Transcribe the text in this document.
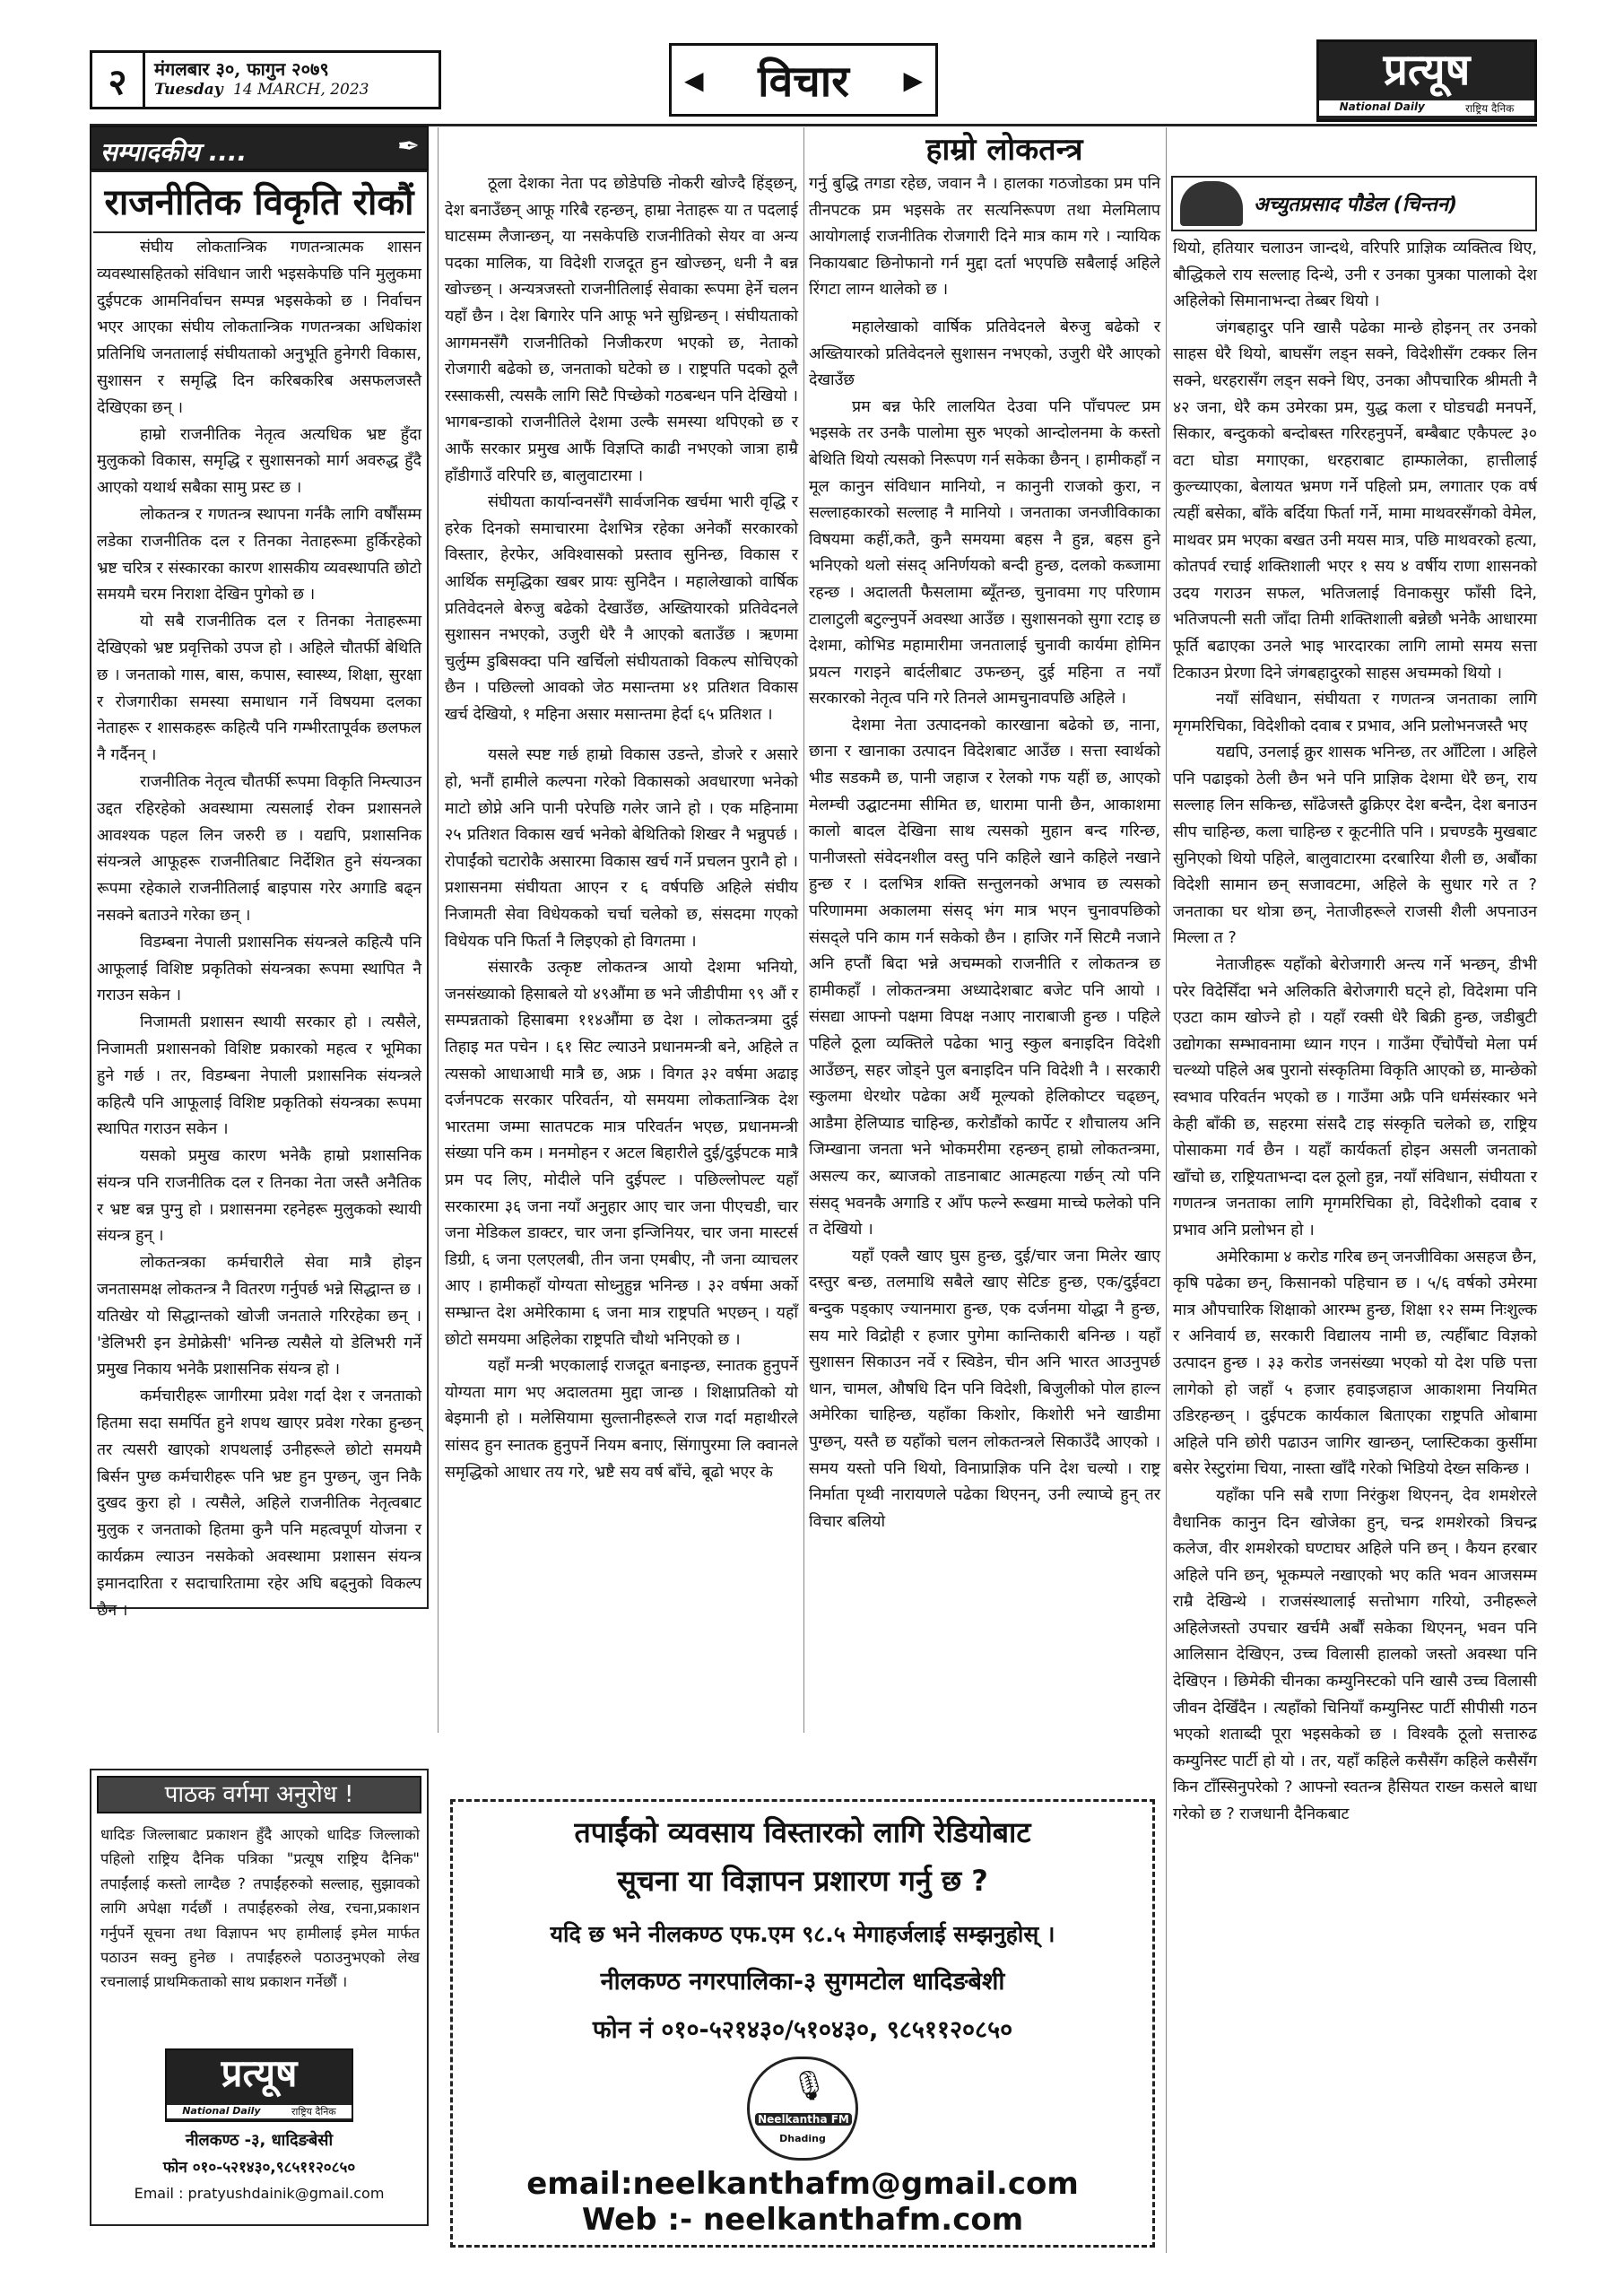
२	मंगलबार ३०, फागुन २०७९
Tuesday 14 MARCH, 2023	◀ विचार ▶	प्रत्यूष
National Daily	राष्ट्रिय दैनिक
सम्पादकीय ....	✒
राजनीतिक विकृति रोकौं

संघीय लोकतान्त्रिक गणतन्त्रात्मक शासन व्यवस्थासहितको संविधान जारी भइसकेपछि पनि मुलुकमा दुईपटक आमनिर्वाचन सम्पन्न भइसकेको छ । निर्वाचन भएर आएका संघीय लोकतान्त्रिक गणतन्त्रका अधिकांश प्रतिनिधि जनतालाई संघीयताको अनुभूति हुनेगरी विकास, सुशासन र समृद्धि दिन करिबकरिब असफलजस्तै देखिएका छन् ।

हाम्रो राजनीतिक नेतृत्व अत्यधिक भ्रष्ट हुँदा मुलुकको विकास, समृद्धि र सुशासनको मार्ग अवरुद्ध हुँदै आएको यथार्थ सबैका सामु प्रस्ट छ ।

लोकतन्त्र र गणतन्त्र स्थापना गर्नकै लागि वर्षौंसम्म लडेका राजनीतिक दल र तिनका नेताहरूमा हुर्किरहेको भ्रष्ट चरित्र र संस्कारका कारण शासकीय व्यवस्थापति छोटो समयमै चरम निराशा देखिन पुगेको छ ।

यो सबै राजनीतिक दल र तिनका नेताहरूमा देखिएको भ्रष्ट प्रवृत्तिको उपज हो । अहिले चौतर्फी बेथिति छ । जनताको गास, बास, कपास, स्वास्थ्य, शिक्षा, सुरक्षा र रोजगारीका समस्या समाधान गर्ने विषयमा दलका नेताहरू र शासकहरू कहित्यै पनि गम्भीरतापूर्वक छलफल नै गर्दैनन् ।

राजनीतिक नेतृत्व चौतर्फी रूपमा विकृति निम्त्याउन उद्दत रहिरहेको अवस्थामा त्यसलाई रोक्न प्रशासनले आवश्यक पहल लिन जरुरी छ । यद्यपि, प्रशासनिक संयन्त्रले आफूहरू राजनीतिबाट निर्देशित हुने संयन्त्रका रूपमा रहेकाले राजनीतिलाई बाइपास गरेर अगाडि बढ्न नसक्ने बताउने गरेका छन् ।

विडम्बना नेपाली प्रशासनिक संयन्त्रले कहित्यै पनि आफूलाई विशिष्ट प्रकृतिको संयन्त्रका रूपमा स्थापित नै गराउन सकेन ।

निजामती प्रशासन स्थायी सरकार हो । त्यसैले, निजामती प्रशासनको विशिष्ट प्रकारको महत्व र भूमिका हुने गर्छ । तर, विडम्बना नेपाली प्रशासनिक संयन्त्रले कहित्यै पनि आफूलाई विशिष्ट प्रकृतिको संयन्त्रका रूपमा स्थापित गराउन सकेन ।

यसको प्रमुख कारण भनेकै हाम्रो प्रशासनिक संयन्त्र पनि राजनीतिक दल र तिनका नेता जस्तै अनैतिक र भ्रष्ट बन्न पुग्नु हो । प्रशासनमा रहनेहरू मुलुकको स्थायी संयन्त्र हुन् ।

लोकतन्त्रका कर्मचारीले सेवा मात्रै होइन जनतासमक्ष लोकतन्त्र नै वितरण गर्नुपर्छ भन्ने सिद्धान्त छ । यतिखेर यो सिद्धान्तको खोजी जनताले गरिरहेका छन् । 'डेलिभरी इन डेमोक्रेसी' भनिन्छ त्यसैले यो डेलिभरी गर्ने प्रमुख निकाय भनेकै प्रशासनिक संयन्त्र हो ।

कर्मचारीहरू जागीरमा प्रवेश गर्दा देश र जनताको हितमा सदा समर्पित हुने शपथ खाएर प्रवेश गरेका हुन्छन् तर त्यसरी खाएको शपथलाई उनीहरूले छोटो समयमै बिर्सन पुग्छ कर्मचारीहरू पनि भ्रष्ट हुन पुग्छन्, जुन निकै दुखद कुरा हो । त्यसैले, अहिले राजनीतिक नेतृत्वबाट मुलुक र जनताको हितमा कुनै पनि महत्वपूर्ण योजना र कार्यक्रम ल्याउन नसकेको अवस्थामा प्रशासन संयन्त्र इमानदारिता र सदाचारितामा रहेर अघि बढ्नुको विकल्प छैन ।

पाठक वर्गमा अनुरोध !
धादिङ जिल्लाबाट प्रकाशन हुँदै आएको धादिङ जिल्लाको पहिलो राष्ट्रिय दैनिक पत्रिका "प्रत्यूष राष्ट्रिय दैनिक" तपाईंलाई कस्तो लाग्दैछ ? तपाईंहरुको सल्लाह, सुझावको लागि अपेक्षा गर्दछौं । तपाईंहरुको लेख, रचना,प्रकाशन गर्नुपर्ने सूचना तथा विज्ञापन भए हामीलाई इमेल मार्फत पठाउन सक्नु हुनेछ । तपाईंहरुले पठाउनुभएको लेख रचनालाई प्राथमिकताको साथ प्रकाशन गर्नेछौं ।
प्रत्यूष
National Daily	राष्ट्रिय दैनिक
नीलकण्ठ -३, धादिङबेसी
फोन ०१०-५२१४३०,९८५११२०८५०
Email : pratyushdainik@gmail.com
हाम्रो लोकतन्त्र

ठूला देशका नेता पद छोडेपछि नोकरी खोज्दै हिंड्छन्, देश बनाउँछन् आफू गरिबै रहन्छन्, हाम्रा नेताहरू या त पदलाई घाटसम्म लैजान्छन्, या नसकेपछि राजनीतिको सेयर वा अन्य पदका मालिक, या विदेशी राजदूत हुन खोज्छन्, धनी नै बन्न खोज्छन् । अन्यत्रजस्तो राजनीतिलाई सेवाका रूपमा हेर्ने चलन यहाँ छैन । देश बिगारेर पनि आफू भने सुध्रिन्छन् । संघीयताको आगमनसँगै राजनीतिको निजीकरण भएको छ, नेताको रोजगारी बढेको छ, जनताको घटेको छ । राष्ट्रपति पदको ठूलै रस्साकसी, त्यसकै लागि सिटै पिच्छेको गठबन्धन पनि देखियो । भागबन्डाको राजनीतिले देशमा उल्कै समस्या थपिएको छ र आफैं सरकार प्रमुख आफैं विज्ञप्ति काढी नभएको जात्रा हाम्रै हाँडीगाउँ वरिपरि छ, बालुवाटारमा ।

संघीयता कार्यान्वनसँगै सार्वजनिक खर्चमा भारी वृद्धि र हरेक दिनको समाचारमा देशभित्र रहेका अनेकौं सरकारको विस्तार, हेरफेर, अविश्वासको प्रस्ताव सुनिन्छ, विकास र आर्थिक समृद्धिका खबर प्रायः सुनिदैन । महालेखाको वार्षिक प्रतिवेदनले बेरुजु बढेको देखाउँछ, अख्तियारको प्रतिवेदनले सुशासन नभएको, उजुरी धेरै नै आएको बताउँछ । ऋणमा चुर्लुम्म डुबिसक्दा पनि खर्चिलो संघीयताको विकल्प सोचिएको छैन । पछिल्लो आवको जेठ मसान्तमा ४१ प्रतिशत विकास खर्च देखियो, १ महिना असार मसान्तमा हेर्दा ६५ प्रतिशत ।

यसले स्पष्ट गर्छ हाम्रो विकास उडन्ते, डोजरे र असारे हो, भनौं हामीले कल्पना गरेको विकासको अवधारणा भनेको माटो छोप्ने अनि पानी परेपछि गलेर जाने हो । एक महिनामा २५ प्रतिशत विकास खर्च भनेको बेथितिको शिखर नै भन्नुपर्छ । रोपाईंको चटारोकै असारमा विकास खर्च गर्ने प्रचलन पुरानै हो । प्रशासनमा संघीयता आएन र ६ वर्षपछि अहिले संघीय निजामती सेवा विधेयकको चर्चा चलेको छ, संसदमा गएको विधेयक पनि फिर्ता नै लिइएको हो विगतमा ।

संसारकै उत्कृष्ट लोकतन्त्र आयो देशमा भनियो, जनसंख्याको हिसाबले यो ४९औंमा छ भने जीडीपीमा ९९ औं र सम्पन्नताको हिसाबमा ११४औंमा छ देश । लोकतन्त्रमा दुई तिहाइ मत पचेन । ६१ सिट ल्याउने प्रधानमन्त्री बने, अहिले त त्यसको आधाआधी मात्रै छ, अफ्र । विगत ३२ वर्षमा अढाइ दर्जनपटक सरकार परिवर्तन, यो समयमा लोकतान्त्रिक देश भारतमा जम्मा सातपटक मात्र परिवर्तन भएछ, प्रधानमन्त्री संख्या पनि कम । मनमोहन र अटल बिहारीले दुई/दुईपटक मात्रै प्रम पद लिए, मोदीले पनि दुईपल्ट । पछिल्लोपल्ट यहाँ सरकारमा ३६ जना नयाँ अनुहार आए चार जना पीएचडी, चार जना मेडिकल डाक्टर, चार जना इन्जिनियर, चार जना मास्टर्स डिग्री, ६ जना एलएलबी, तीन जना एमबीए, नौ जना व्याचलर आए । हामीकहाँ योग्यता सोध्नुहुन्न भनिन्छ । ३२ वर्षमा अर्को सम्भ्रान्त देश अमेरिकामा ६ जना मात्र राष्ट्रपति भएछन् । यहाँ छोटो समयमा अहिलेका राष्ट्रपति चौथो भनिएको छ ।

यहाँ मन्त्री भएकालाई राजदूत बनाइन्छ, स्नातक हुनुपर्ने योग्यता माग भए अदालतमा मुद्दा जान्छ । शिक्षाप्रतिको यो बेइमानी हो । मलेसियामा सुल्तानीहरूले राज गर्दा महाथीरले सांसद हुन स्नातक हुनुपर्ने नियम बनाए, सिंगापुरमा लि क्वानले समृद्धिको आधार तय गरे, भ्रष्टै सय वर्ष बाँचे, बूढो भएर के

गर्नु बुद्धि तगडा रहेछ, जवान नै । हालका गठजोडका प्रम पनि तीनपटक प्रम भइसके तर सत्यनिरूपण तथा मेलमिलाप आयोगलाई राजनीतिक रोजगारी दिने मात्र काम गरे । न्यायिक निकायबाट छिनोफानो गर्न मुद्दा दर्ता भएपछि सबैलाई अहिले रिंगटा लाग्न थालेको छ ।

महालेखाको वार्षिक प्रतिवेदनले बेरुजु बढेको र अख्तियारको प्रतिवेदनले सुशासन नभएको, उजुरी धेरै आएको देखाउँछ

प्रम बन्न फेरि लालयित देउवा पनि पाँचपल्ट प्रम भइसके तर उनकै पालोमा सुरु भएको आन्दोलनमा के कस्तो बेथिति थियो त्यसको निरूपण गर्न सकेका छैनन् । हामीकहाँ न मूल कानुन संविधान मानियो, न कानुनी राजको कुरा, न सल्लाहकारको सल्लाह नै मानियो । जनताका जनजीविकाका विषयमा कहीं,कतै, कुनै समयमा बहस नै हुन्न, बहस हुने भनिएको थलो संसद् अनिर्णयको बन्दी हुन्छ, दलको कब्जामा रहन्छ । अदालती फैसलामा ब्यूँतन्छ, चुनावमा गए परिणाम टालाटुली बटुल्नुपर्ने अवस्था आउँछ । सुशासनको सुगा रटाइ छ देशमा, कोभिड महामारीमा जनतालाई चुनावी कार्यमा होमिन प्रयत्न गराइने बार्दलीबाट उफन्छन्, दुई महिना त नयाँ सरकारको नेतृत्व पनि गरे तिनले आमचुनावपछि अहिले ।

देशमा नेता उत्पादनको कारखाना बढेको छ, नाना, छाना र खानाका उत्पादन विदेशबाट आउँछ । सत्ता स्वार्थको भीड सडकमै छ, पानी जहाज र रेलको गफ यहीं छ, आएको मेलम्ची उद्घाटनमा सीमित छ, धारामा पानी छैन, आकाशमा कालो बादल देखिना साथ त्यसको मुहान बन्द गरिन्छ, पानीजस्तो संवेदनशील वस्तु पनि कहिले खाने कहिले नखाने हुन्छ र । दलभित्र शक्ति सन्तुलनको अभाव छ त्यसको परिणाममा अकालमा संसद् भंग मात्र भएन चुनावपछिको संसद्ले पनि काम गर्न सकेको छैन । हाजिर गर्ने सिटमै नजाने अनि हप्तौं बिदा भन्ने अचम्मको राजनीति र लोकतन्त्र छ हामीकहाँ । लोकतन्त्रमा अध्यादेशबाट बजेट पनि आयो । संसद्या आफ्नो पक्षमा विपक्ष नआए नाराबाजी हुन्छ । पहिले पहिले ठूला व्यक्तिले पढेका भानु स्कुल बनाइदिन विदेशी आउँछन्, सहर जोड्ने पुल बनाइदिन पनि विदेशी नै । सरकारी स्कुलमा धेरथोर पढेका अर्थै मूल्यको हेलिकोप्टर चढ्छन्, आडैमा हेलिप्याड चाहिन्छ, करोडौंको कार्पेट र शौचालय अनि जिम्खाना जनता भने भोकमरीमा रहन्छन् हाम्रो लोकतन्त्रमा, असल्य कर, ब्याजको ताडनाबाट आत्महत्या गर्छन् त्यो पनि संसद् भवनकै अगाडि र आँप फल्ने रूखमा माच्चे फलेको पनि त देखियो ।

यहाँ एक्लै खाए घुस हुन्छ, दुई/चार जना मिलेर खाए दस्तुर बन्छ, तलमाथि सबैले खाए सेटिङ हुन्छ, एक/दुईवटा बन्दुक पड्काए ज्यानमारा हुन्छ, एक दर्जनमा योद्धा नै हुन्छ, सय मारे विद्रोही र हजार पुगेमा कान्तिकारी बनिन्छ । यहाँ सुशासन सिकाउन नर्वे र स्विडेन, चीन अनि भारत आउनुपर्छ धान, चामल, औषधि दिन पनि विदेशी, बिजुलीको पोल हाल्न अमेरिका चाहिन्छ, यहाँका किशोर, किशोरी भने खाडीमा पुग्छन्, यस्तै छ यहाँको चलन लोकतन्त्रले सिकाउँदै आएको । समय यस्तो पनि थियो, विनाप्राज्ञिक पनि देश चल्यो । राष्ट्र निर्माता पृथ्वी नारायणले पढेका थिएनन्, उनी ल्याप्चे हुन् तर विचार बलियो

अच्युतप्रसाद पौडेल (चिन्तन)

थियो, हतियार चलाउन जान्दथे, वरिपरि प्राज्ञिक व्यक्तित्व थिए, बौद्धिकले राय सल्लाह दिन्थे, उनी र उनका पुत्रका पालाको देश अहिलेको सिमानाभन्दा तेब्बर थियो ।

जंगबहादुर पनि खासै पढेका मान्छे होइनन् तर उनको साहस धेरै थियो, बाघसँग लड्न सक्ने, विदेशीसँग टक्कर लिन सक्ने, धरहरासँग लड्न सक्ने थिए, उनका औपचारिक श्रीमती नै ४२ जना, धेरै कम उमेरका प्रम, युद्ध कला र घोडचढी मनपर्ने, सिकार, बन्दुकको बन्दोबस्त गरिरहनुपर्ने, बम्बैबाट एकैपल्ट ३० वटा घोडा मगाएका, धरहराबाट हाम्फालेका, हात्तीलाई कुल्च्याएका, बेलायत भ्रमण गर्ने पहिलो प्रम, लगातार एक वर्ष त्यहीं बसेका, बाँके बर्दिया फिर्ता गर्ने, मामा माथवरसँगको वेमेल, माथवर प्रम भएका बखत उनी मयस मात्र, पछि माथवरको हत्या, कोतपर्व रचाई शक्तिशाली भएर १ सय ४ वर्षीय राणा शासनको उदय गराउन सफल, भतिजलाई विनाकसुर फाँसी दिने, भतिजपत्नी सती जाँदा तिमी शक्तिशाली बन्नेछौ भनेकै आधारमा फूर्ति बढाएका उनले भाइ भारदारका लागि लामो समय सत्ता टिकाउन प्रेरणा दिने जंगबहादुरको साहस अचम्मको थियो ।

नयाँ संविधान, संघीयता र गणतन्त्र जनताका लागि मृगमरिचिका, विदेशीको दवाब र प्रभाव, अनि प्रलोभनजस्तै भए

यद्यपि, उनलाई क्रुर शासक भनिन्छ, तर आँटिला । अहिले पनि पढाइको ठेली छैन भने पनि प्राज्ञिक देशमा धेरै छन्, राय सल्लाह लिन सकिन्छ, साँढेजस्तै ढुक्रिएर देश बन्दैन, देश बनाउन सीप चाहिन्छ, कला चाहिन्छ र कूटनीति पनि । प्रचण्डकै मुखबाट सुनिएको थियो पहिले, बालुवाटारमा दरबारिया शैली छ, अबौंका विदेशी सामान छन् सजावटमा, अहिले के सुधार गरे त ? जनताका घर थोत्रा छन्, नेताजीहरूले राजसी शैली अपनाउन मिल्ला त ?

नेताजीहरू यहाँको बेरोजगारी अन्त्य गर्ने भन्छन्, डीभी परेर विदेसिँदा भने अलिकति बेरोजगारी घट्ने हो, विदेशमा पनि एउटा काम खोज्ने हो । यहाँ रक्सी धेरै बिक्री हुन्छ, जडीबुटी उद्योगका सम्भावनामा ध्यान गएन । गाउँमा ऐँचोपैंचो मेला पर्म चल्थ्यो पहिले अब पुरानो संस्कृतिमा विकृति आएको छ, मान्छेको स्वभाव परिवर्तन भएको छ । गाउँमा अफ्रै पनि धर्मसंस्कार भने केही बाँकी छ, सहरमा संसदै टाइ संस्कृति चलेको छ, राष्ट्रिय पोसाकमा गर्व छैन । यहाँ कार्यकर्ता होइन असली जनताको खाँचो छ, राष्ट्रियताभन्दा दल ठूलो हुन्न, नयाँ संविधान, संघीयता र गणतन्त्र जनताका लागि मृगमरिचिका हो, विदेशीको दवाब र प्रभाव अनि प्रलोभन हो ।

अमेरिकामा ४ करोड गरिब छन् जनजीविका असहज छैन, कृषि पढेका छन्, किसानको पहिचान छ । ५/६ वर्षको उमेरमा मात्र औपचारिक शिक्षाको आरम्भ हुन्छ, शिक्षा १२ सम्म निःशुल्क र अनिवार्य छ, सरकारी विद्यालय नामी छ, त्यहीँबाट विज्ञको उत्पादन हुन्छ । ३३ करोड जनसंख्या भएको यो देश पछि पत्ता लागेको हो जहाँ ५ हजार हवाइजहाज आकाशमा नियमित उडिरहन्छन् । दुईपटक कार्यकाल बिताएका राष्ट्रपति ओबामा अहिले पनि छोरी पढाउन जागिर खान्छन्, प्लास्टिकका कुर्सीमा बसेर रेस्टुरांमा चिया, नास्ता खाँदै गरेको भिडियो देख्न सकिन्छ ।

यहाँका पनि सबै राणा निरंकुश थिएनन्, देव शमशेरले वैधानिक कानुन दिन खोजेका हुन्, चन्द्र शमशेरको त्रिचन्द्र कलेज, वीर शमशेरको घण्टाघर अहिले पनि छन् । कैयन हरबार अहिले पनि छन्, भूकम्पले नखाएको भए कति भवन आजसम्म राम्रै देखिन्थे । राजसंस्थालाई सत्तोभाग गरियो, उनीहरूले अहिलेजस्तो उपचार खर्चमै अर्बौं सकेका थिएनन्, भवन पनि आलिसान देखिएन, उच्च विलासी हालको जस्तो अवस्था पनि देखिएन । छिमेकी चीनका कम्युनिस्टको पनि खासै उच्च विलासी जीवन देखिँदैन । त्यहाँको चिनियाँ कम्युनिस्ट पार्टी सीपीसी गठन भएको शताब्दी पूरा भइसकेको छ । विश्वकै ठूलो सत्तारुढ कम्युनिस्ट पार्टी हो यो । तर, यहाँ कहिले कसैसँग कहिले कसैसँग किन टाँस्सिनुपरेको ? आफ्नो स्वतन्त्र हैसियत राख्न कसले बाधा गरेको छ ? राजधानी दैनिकबाट

तपाईंको व्यवसाय विस्तारको लागि रेडियोबाट
सूचना या विज्ञापन प्रशारण गर्नु छ ?
यदि छ भने नीलकण्ठ एफ.एम ९८.५ मेगाहर्जलाई सम्झनुहोस् ।
नीलकण्ठ नगरपालिका-३ सुगमटोल धादिङबेशी
फोन नं ०१०-५२१४३०/५१०४३०, ९८५११२०८५०
🎙
Neelkantha FM
Dhading
email:neelkanthafm@gmail.com
Web :- neelkanthafm.com
